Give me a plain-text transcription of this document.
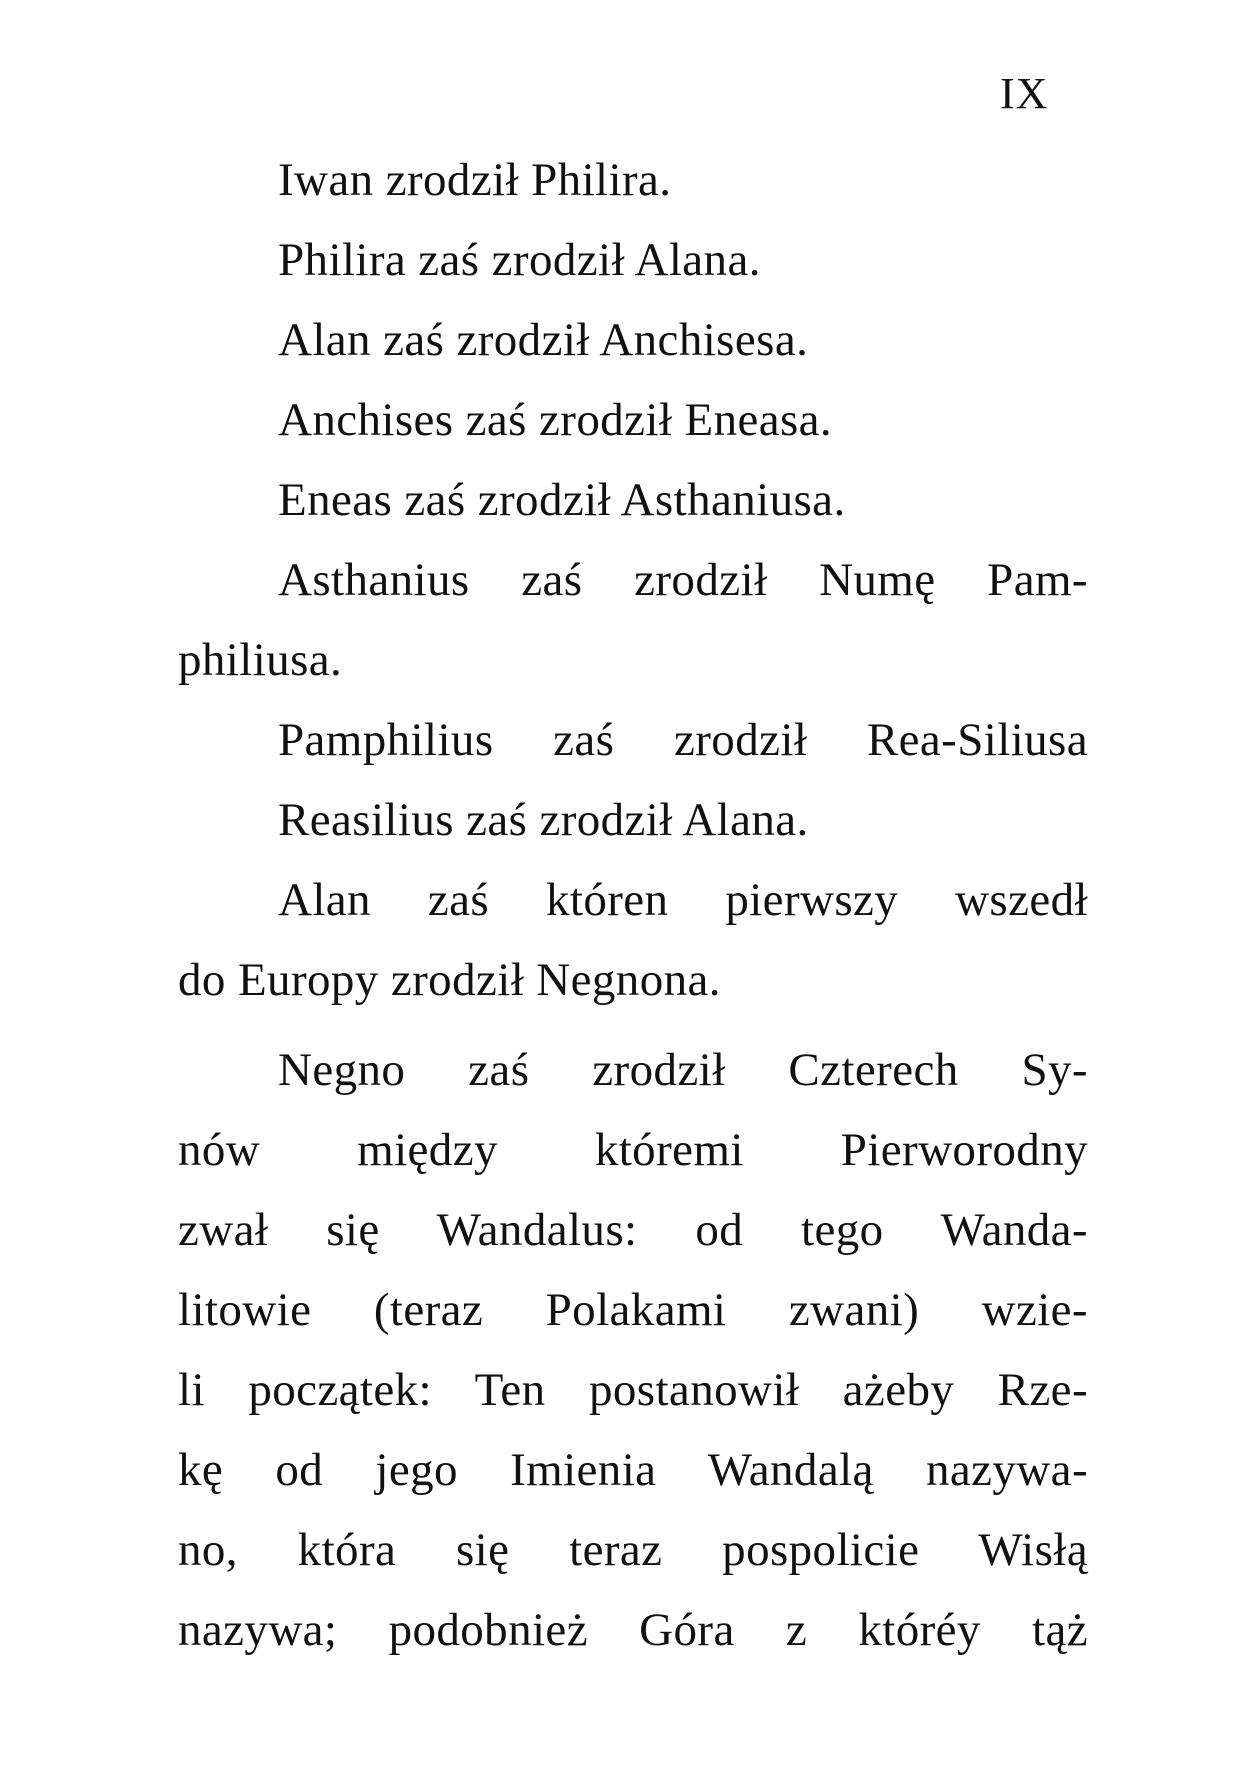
IX
Iwan zrodził Philira.
Philira zaś zrodził Alana.
Alan zaś zrodził Anchisesa.
Anchises zaś zrodził Eneasa.
Eneas zaś zrodził Asthaniusa.
Asthanius zaś zrodził Numę Pam-
philiusa.
Pamphilius zaś zrodził Rea-Siliusa
Reasilius zaś zrodził Alana.
Alan zaś któren pierwszy wszedł
do Europy zrodził Negnona.
Negno zaś zrodził Czterech Sy-
nów między któremi Pierworodny
zwał się Wandalus: od tego Wanda-
litowie (teraz Polakami zwani) wzie-
li początek: Ten postanowił ażeby Rze-
kę od jego Imienia Wandalą nazywa-
no, która się teraz pospolicie Wisłą
nazywa; podobnież Góra z któréy tąż
